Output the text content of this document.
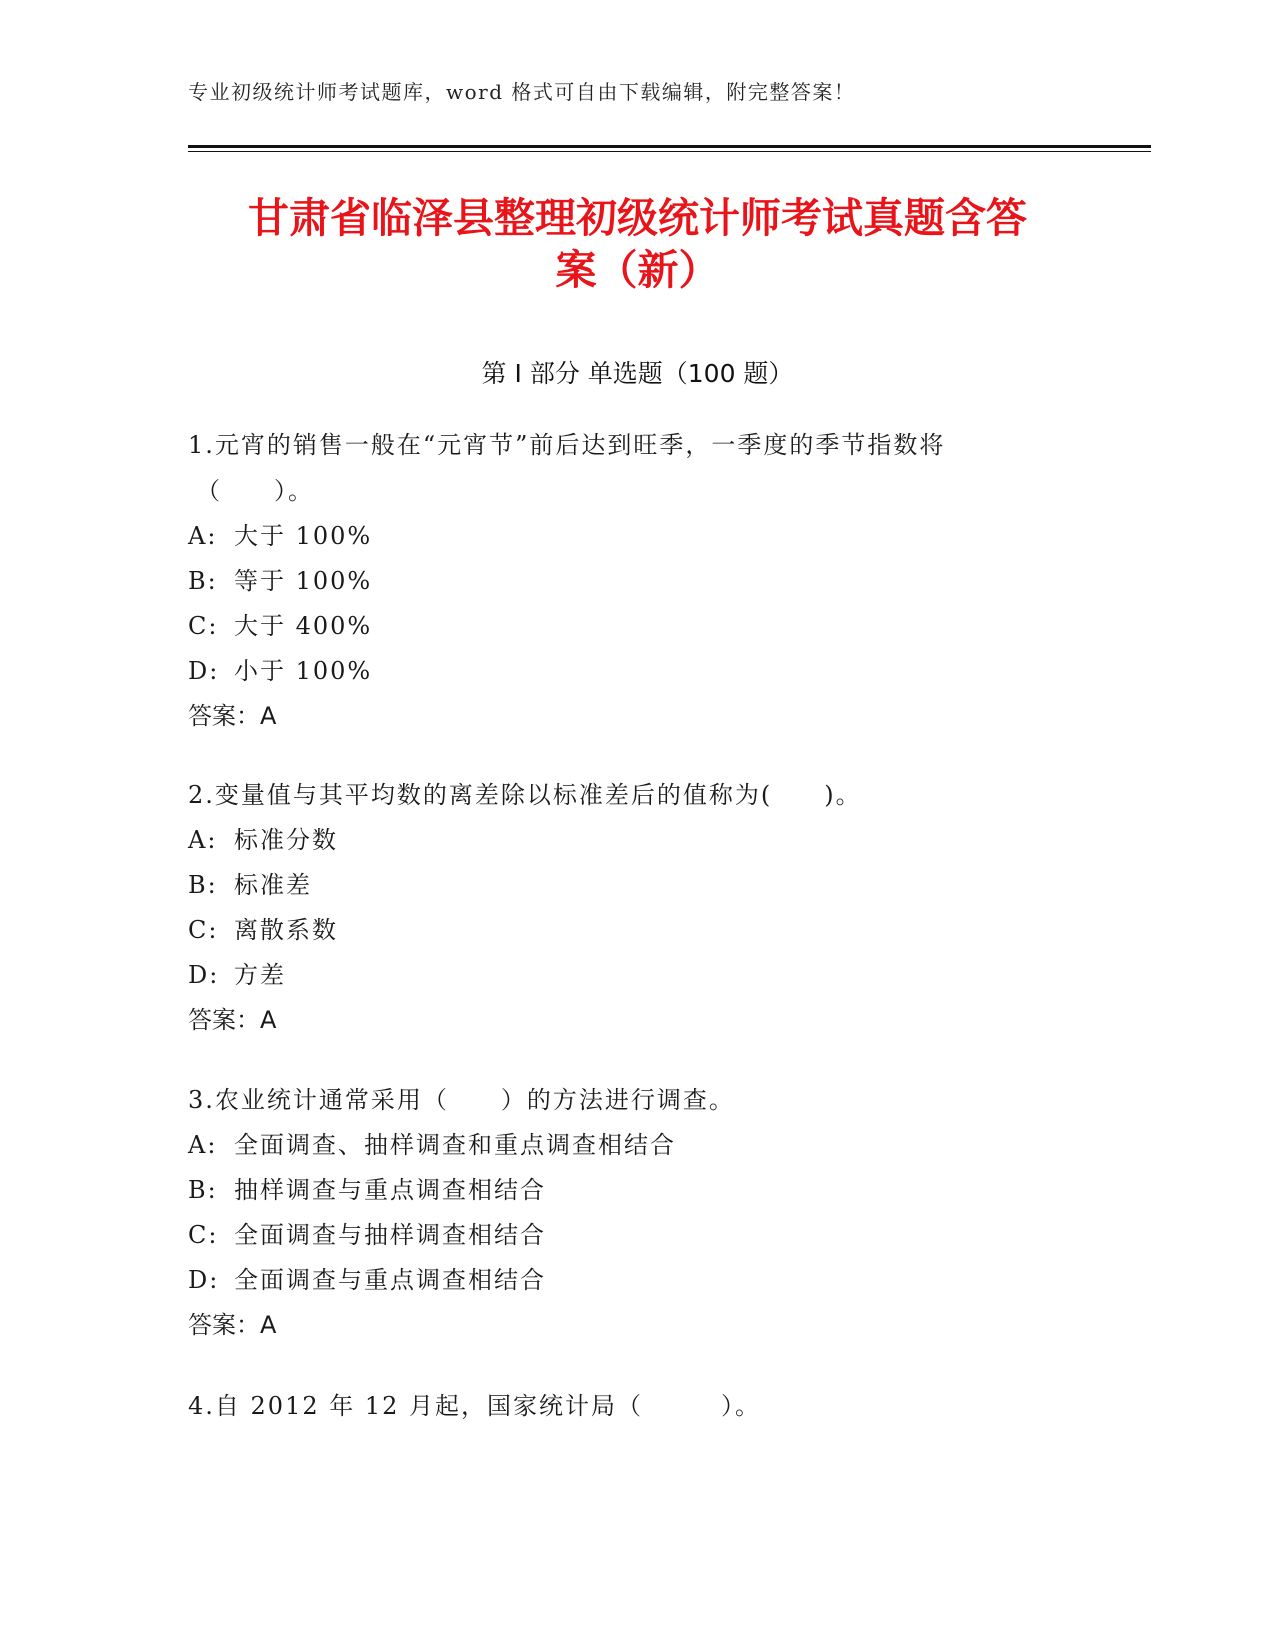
专业初级统计师考试题库，word 格式可自由下载编辑，附完整答案！
甘肃省临泽县整理初级统计师考试真题含答
案（新）
第 I 部分 单选题（100 题）

1.元宵的销售一般在“元宵节”前后达到旺季，一季度的季节指数将

（　　）。

A: 大于 100%

B: 等于 100%

C: 大于 400%

D: 小于 100%

答案：A

2.变量值与其平均数的离差除以标准差后的值称为(　　)。

A: 标准分数

B: 标准差

C: 离散系数

D: 方差

答案：A

3.农业统计通常采用（　　）的方法进行调查。

A: 全面调查、抽样调查和重点调查相结合

B: 抽样调查与重点调查相结合

C: 全面调查与抽样调查相结合

D: 全面调查与重点调查相结合

答案：A

4.自 2012 年 12 月起，国家统计局（　　　）。
